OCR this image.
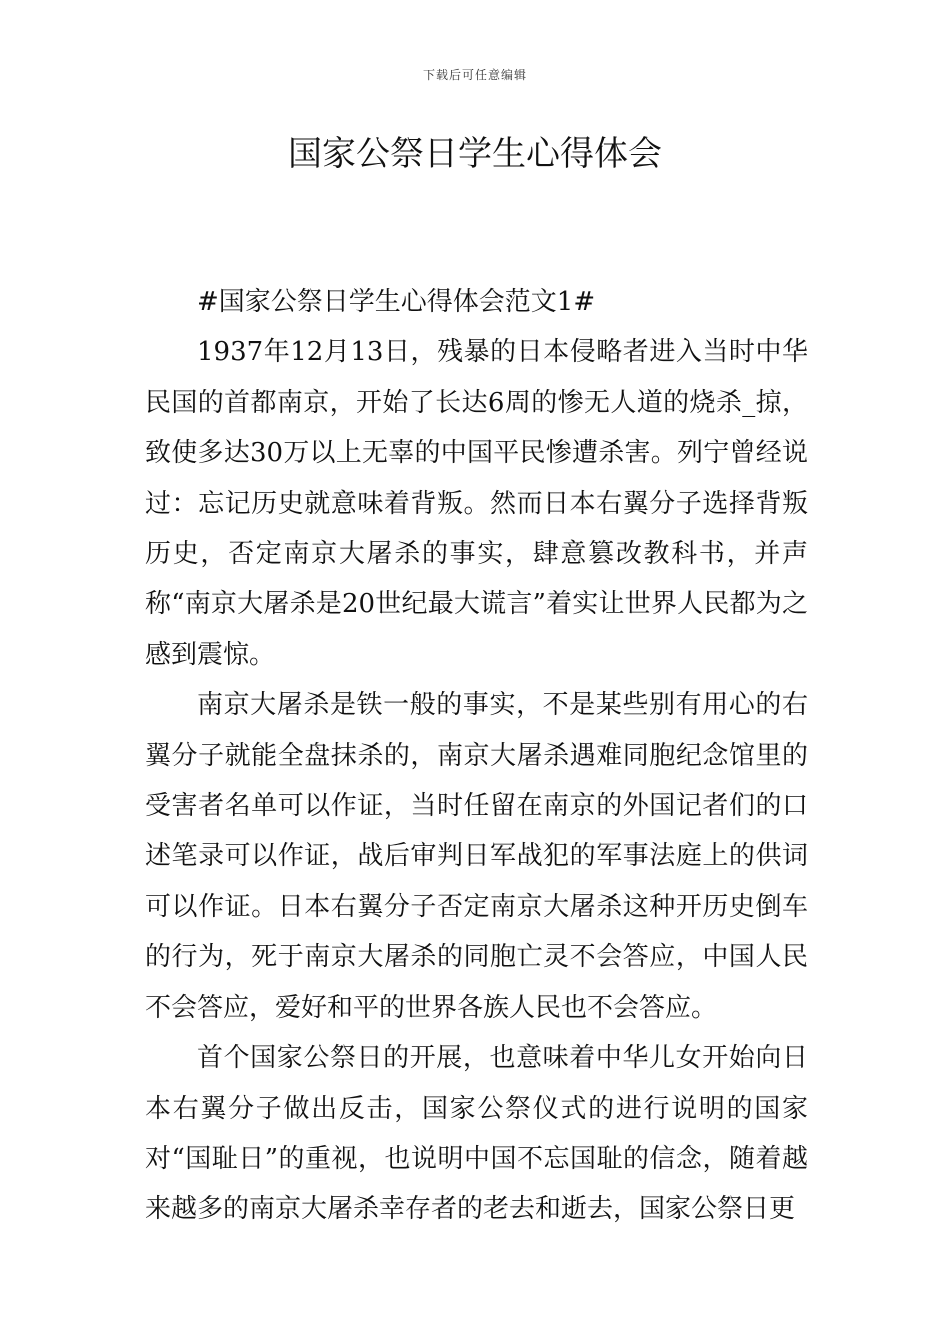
下载后可任意编辑
国家公祭日学生心得体会

#国家公祭日学生心得体会范文1#

1937年12月13日，残暴的日本侵略者进入当时中华民国的首都南京，开始了长达6周的惨无人道的烧杀_掠，致使多达30万以上无辜的中国平民惨遭杀害。列宁曾经说过：忘记历史就意味着背叛。然而日本右翼分子选择背叛历史，否定南京大屠杀的事实，肆意篡改教科书，并声称“南京大屠杀是20世纪最大谎言”着实让世界人民都为之感到震惊。

南京大屠杀是铁一般的事实，不是某些别有用心的右翼分子就能全盘抹杀的，南京大屠杀遇难同胞纪念馆里的受害者名单可以作证，当时任留在南京的外国记者们的口述笔录可以作证，战后审判日军战犯的军事法庭上的供词可以作证。日本右翼分子否定南京大屠杀这种开历史倒车的行为，死于南京大屠杀的同胞亡灵不会答应，中国人民不会答应，爱好和平的世界各族人民也不会答应。

首个国家公祭日的开展，也意味着中华儿女开始向日本右翼分子做出反击，国家公祭仪式的进行说明的国家对“国耻日”的重视，也说明中国不忘国耻的信念，随着越来越多的南京大屠杀幸存者的老去和逝去，国家公祭日更
